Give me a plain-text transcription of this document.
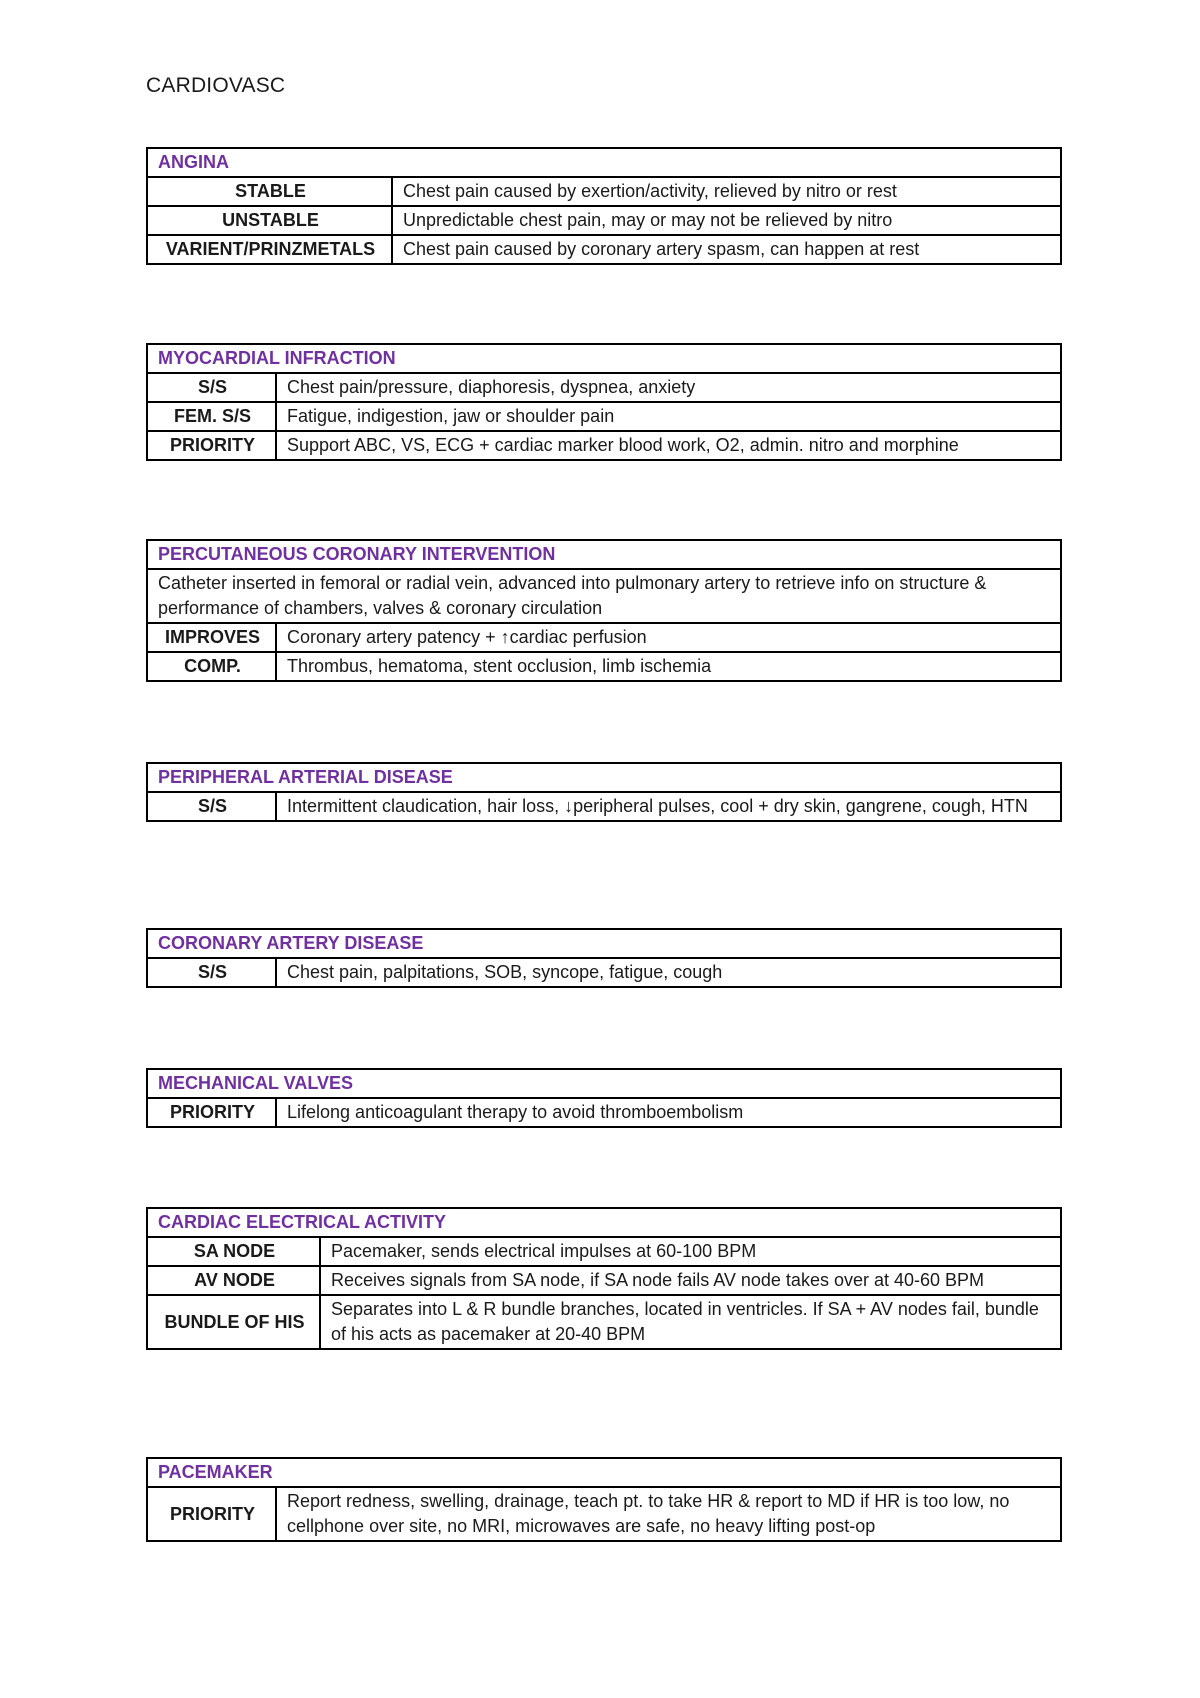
CARDIOVASC
ANGINA	
STABLE	Chest pain caused by exertion/activity, relieved by nitro or rest
UNSTABLE	Unpredictable chest pain, may or may not be relieved by nitro
VARIENT/PRINZMETALS	Chest pain caused by coronary artery spasm, can happen at rest
MYOCARDIAL INFRACTION	
S/S	Chest pain/pressure, diaphoresis, dyspnea, anxiety
FEM. S/S	Fatigue, indigestion, jaw or shoulder pain
PRIORITY	Support ABC, VS, ECG + cardiac marker blood work, O2, admin. nitro and morphine
PERCUTANEOUS CORONARY INTERVENTION	
Catheter inserted in femoral or radial vein, advanced into pulmonary artery to retrieve info on structure & performance of chambers, valves & coronary circulation	
IMPROVES	Coronary artery patency + ↑cardiac perfusion
COMP.	Thrombus, hematoma, stent occlusion, limb ischemia
PERIPHERAL ARTERIAL DISEASE
S/S	Intermittent claudication, hair loss, ↓peripheral pulses, cool + dry skin, gangrene, cough, HTN
CORONARY ARTERY DISEASE
S/S	Chest pain, palpitations, SOB, syncope, fatigue, cough
MECHANICAL VALVES
PRIORITY	Lifelong anticoagulant therapy to avoid thromboembolism
CARDIAC ELECTRICAL ACTIVITY	
SA NODE	Pacemaker, sends electrical impulses at 60-100 BPM
AV NODE	Receives signals from SA node, if SA node fails AV node takes over at 40-60 BPM
BUNDLE OF HIS	Separates into L & R bundle branches, located in ventricles. If SA + AV nodes fail, bundle of his acts as pacemaker at 20-40 BPM
PACEMAKER
PRIORITY	Report redness, swelling, drainage, teach pt. to take HR & report to MD if HR is too low, no cellphone over site, no MRI, microwaves are safe, no heavy lifting post-op
